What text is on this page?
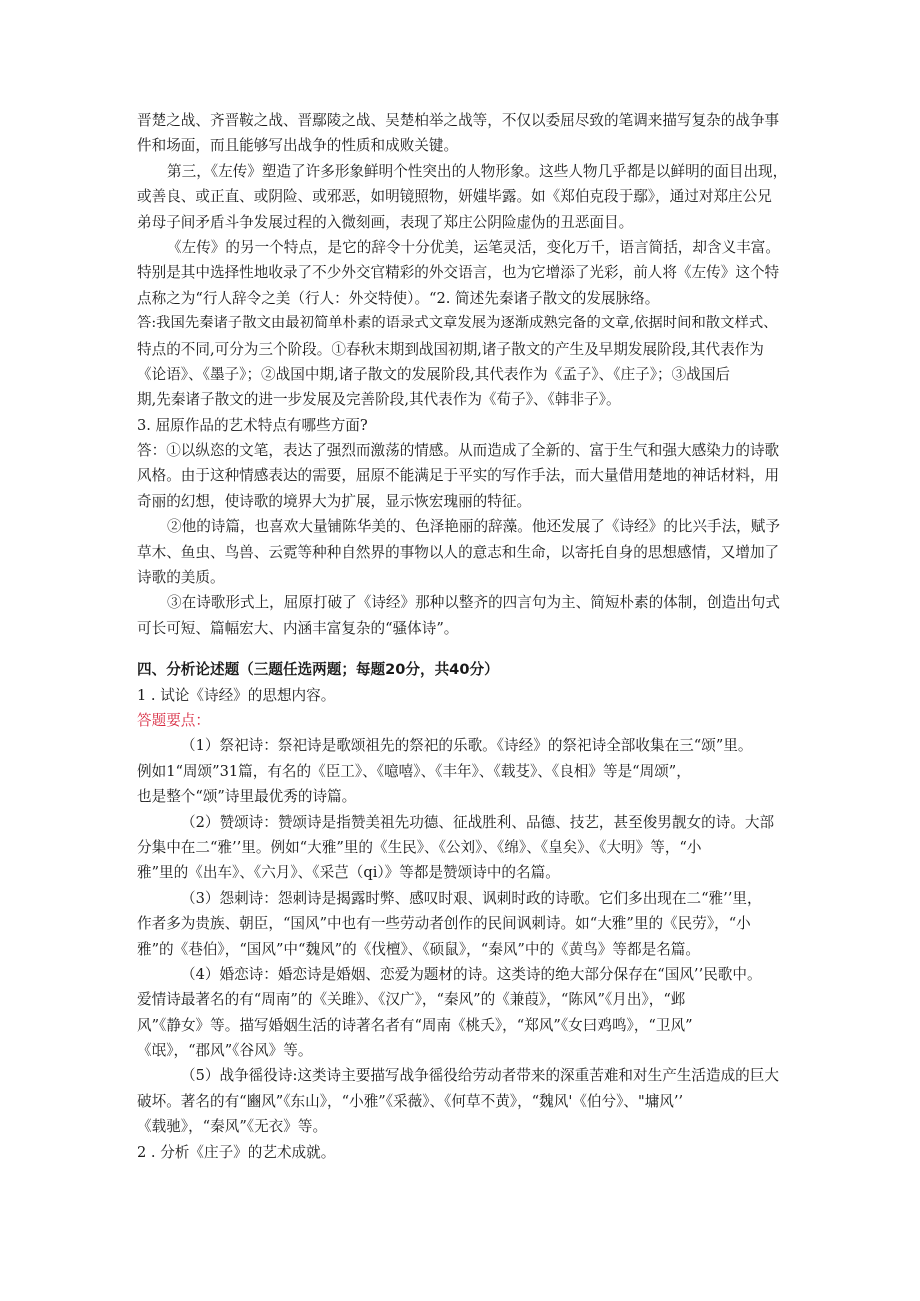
晋楚之战、齐晋鞍之战、晋鄢陵之战、吴楚柏举之战等，不仅以委屈尽致的笔调来描写复杂的战争事
件和场面，而且能够写出战争的性质和成败关键。
第三，《左传》塑造了许多形象鲜明个性突出的人物形象。这些人物几乎都是以鲜明的面目出现，
或善良、或正直、或阴险、或邪恶，如明镜照物，妍媸毕露。如《郑伯克段于鄢》，通过对郑庄公兄
弟母子间矛盾斗争发展过程的入微刻画，表现了郑庄公阴险虚伪的丑恶面目。
《左传》的另一个特点，是它的辞令十分优美，运笔灵活，变化万千，语言简括，却含义丰富。
特别是其中选择性地收录了不少外交官精彩的外交语言，也为它增添了光彩，前人将《左传》这个特
点称之为“行人辞令之美（行人：外交特使）。“2. 简述先秦诸子散文的发展脉络。
答:我国先秦诸子散文由最初简单朴素的语录式文章发展为逐渐成熟完备的文章,依据时间和散文样式、
特点的不同,可分为三个阶段。①春秋末期到战国初期,诸子散文的产生及早期发展阶段,其代表作为
《论语》、《墨子》；②战国中期,诸子散文的发展阶段,其代表作为《孟子》、《庄子》；③战国后
期,先秦诸子散文的进一步发展及完善阶段,其代表作为《荀子》、《韩非子》。
3. 屈原作品的艺术特点有哪些方面?
答：①以纵恣的文笔，表达了强烈而激荡的情感。从而造成了全新的、富于生气和强大感染力的诗歌
风格。由于这种情感表达的需要，屈原不能满足于平实的写作手法，而大量借用楚地的神话材料，用
奇丽的幻想，使诗歌的境界大为扩展，显示恢宏瑰丽的特征。
②他的诗篇，也喜欢大量铺陈华美的、色泽艳丽的辞藻。他还发展了《诗经》的比兴手法，赋予
草木、鱼虫、鸟兽、云霓等种种自然界的事物以人的意志和生命，以寄托自身的思想感情，又增加了
诗歌的美质。
③在诗歌形式上，屈原打破了《诗经》那种以整齐的四言句为主、简短朴素的体制，创造出句式
可长可短、篇幅宏大、内涵丰富复杂的“骚体诗”。
四、分析论述题（三题任选两题；每题20分，共40分）
1 . 试论《诗经》的思想内容。
答题要点：
（1）祭祀诗：祭祀诗是歌颂祖先的祭祀的乐歌。《诗经》的祭祀诗全部收集在三“颂”里。
例如1“周颂”31篇，有名的《臣工》、《噫嘻》、《丰年》、《载芟》、《良相》等是“周颂”，
也是整个“颂”诗里最优秀的诗篇。
（2）赞颂诗：赞颂诗是指赞美祖先功德、征战胜利、品德、技艺，甚至俊男靓女的诗。大部
分集中在二“雅’’里。例如“大雅”里的《生民》、《公刘》、《绵》、《皇矣》、《大明》等，“小
雅”里的《出车》、《六月》、《采芑（qi）》等都是赞颂诗中的名篇。
（3）怨刺诗：怨刺诗是揭露时弊、感叹时艰、讽刺时政的诗歌。它们多出现在二“雅’’里，
作者多为贵族、朝臣，“国风”中也有一些劳动者创作的民间讽刺诗。如“大雅”里的《民劳》，“小
雅”的《巷伯》，“国风”中“魏风”的《伐檀》、《硕鼠》，“秦风”中的《黄鸟》等都是名篇。
（4）婚恋诗：婚恋诗是婚姻、恋爱为题材的诗。这类诗的绝大部分保存在“国风’’民歌中。
爱情诗最著名的有“周南”的《关雎》、《汉广》，“秦风”的《兼葭》，“陈风”《月出》，“邺
风”《静女》等。描写婚姻生活的诗著名者有“周南《桃夭》，“郑风”《女曰鸡鸣》，“卫风”
《氓》，“郡风”《谷风》等。
（5）战争徭役诗:这类诗主要描写战争徭役给劳动者带来的深重苦难和对生产生活造成的巨大
破坏。著名的有“豳风”《东山》，“小雅”《采薇》、《何草不黄》，“魏风'《伯兮》、"墉风’’
《载驰》，“秦风”《无衣》等。
2 . 分析《庄子》的艺术成就。
